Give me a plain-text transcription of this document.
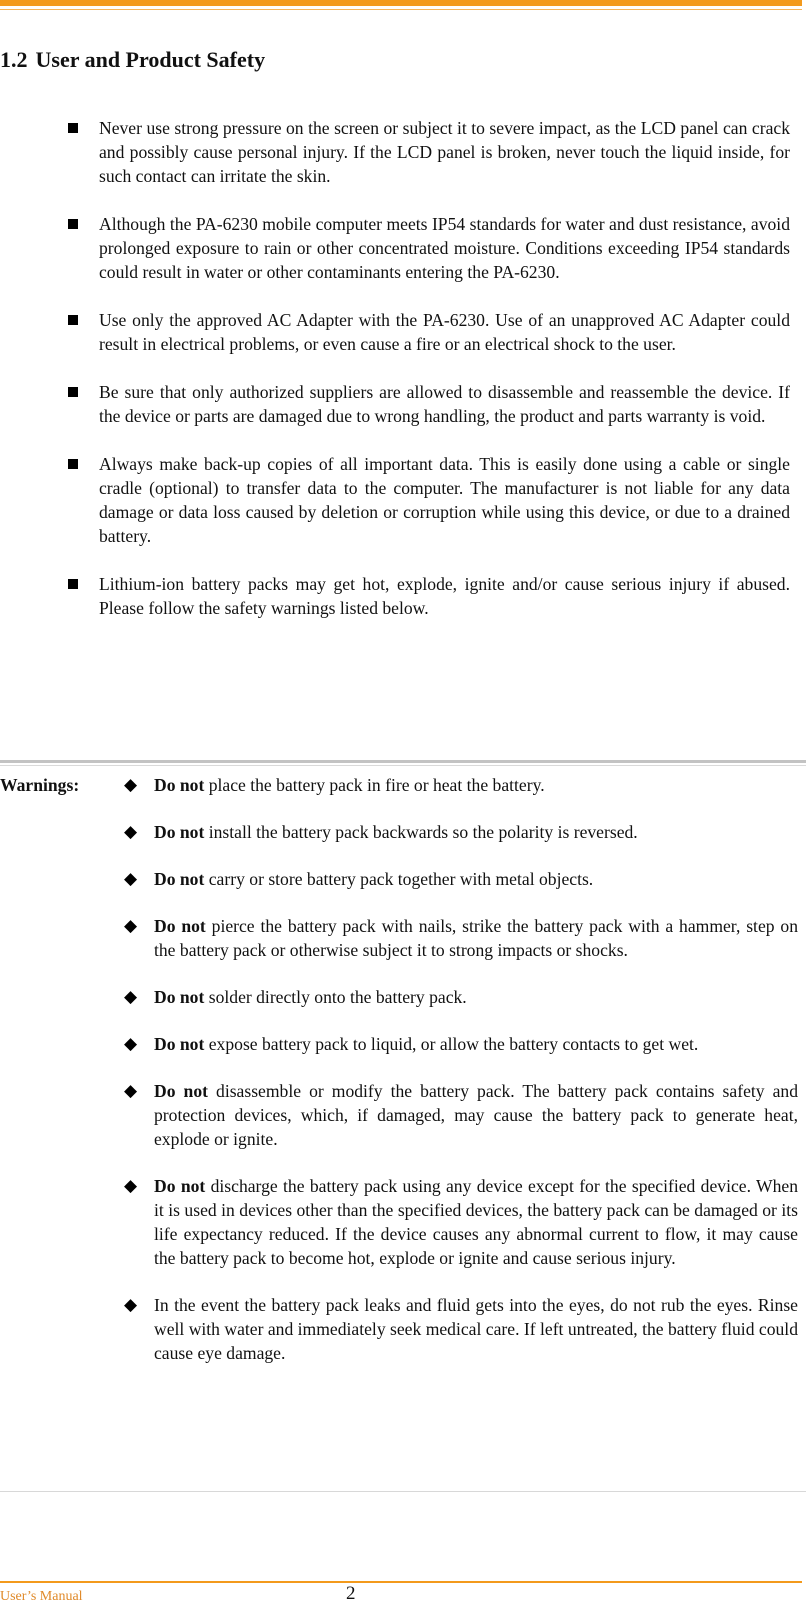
1.2 User and Product Safety
Never use strong pressure on the screen or subject it to severe impact, as the LCD panel can crack and possibly cause personal injury. If the LCD panel is broken, never touch the liquid inside, for such contact can irritate the skin.
Although the PA-6230 mobile computer meets IP54 standards for water and dust resistance, avoid prolonged exposure to rain or other concentrated moisture. Conditions exceeding IP54 standards could result in water or other contaminants entering the PA-6230.
Use only the approved AC Adapter with the PA-6230. Use of an unapproved AC Adapter could result in electrical problems, or even cause a fire or an electrical shock to the user.
Be sure that only authorized suppliers are allowed to disassemble and reassemble the device. If the device or parts are damaged due to wrong handling, the product and parts warranty is void.
Always make back-up copies of all important data. This is easily done using a cable or single cradle (optional) to transfer data to the computer. The manufacturer is not liable for any data damage or data loss caused by deletion or corruption while using this device, or due to a drained battery.
Lithium-ion battery packs may get hot, explode, ignite and/or cause serious injury if abused. Please follow the safety warnings listed below.
Warnings:	◆ Do not place the battery pack in fire or heat the battery.
◆ Do not install the battery pack backwards so the polarity is reversed.
◆ Do not carry or store battery pack together with metal objects.
◆ Do not pierce the battery pack with nails, strike the battery pack with a hammer, step on the battery pack or otherwise subject it to strong impacts or shocks.
◆ Do not solder directly onto the battery pack.
◆ Do not expose battery pack to liquid, or allow the battery contacts to get wet.
◆ Do not disassemble or modify the battery pack. The battery pack contains safety and protection devices, which, if damaged, may cause the battery pack to generate heat, explode or ignite.
◆ Do not discharge the battery pack using any device except for the specified device. When it is used in devices other than the specified devices, the battery pack can be damaged or its life expectancy reduced. If the device causes any abnormal current to flow, it may cause the battery pack to become hot, explode or ignite and cause serious injury.
◆ In the event the battery pack leaks and fluid gets into the eyes, do not rub the eyes. Rinse well with water and immediately seek medical care. If left untreated, the battery fluid could cause eye damage.
User’s Manual	2
